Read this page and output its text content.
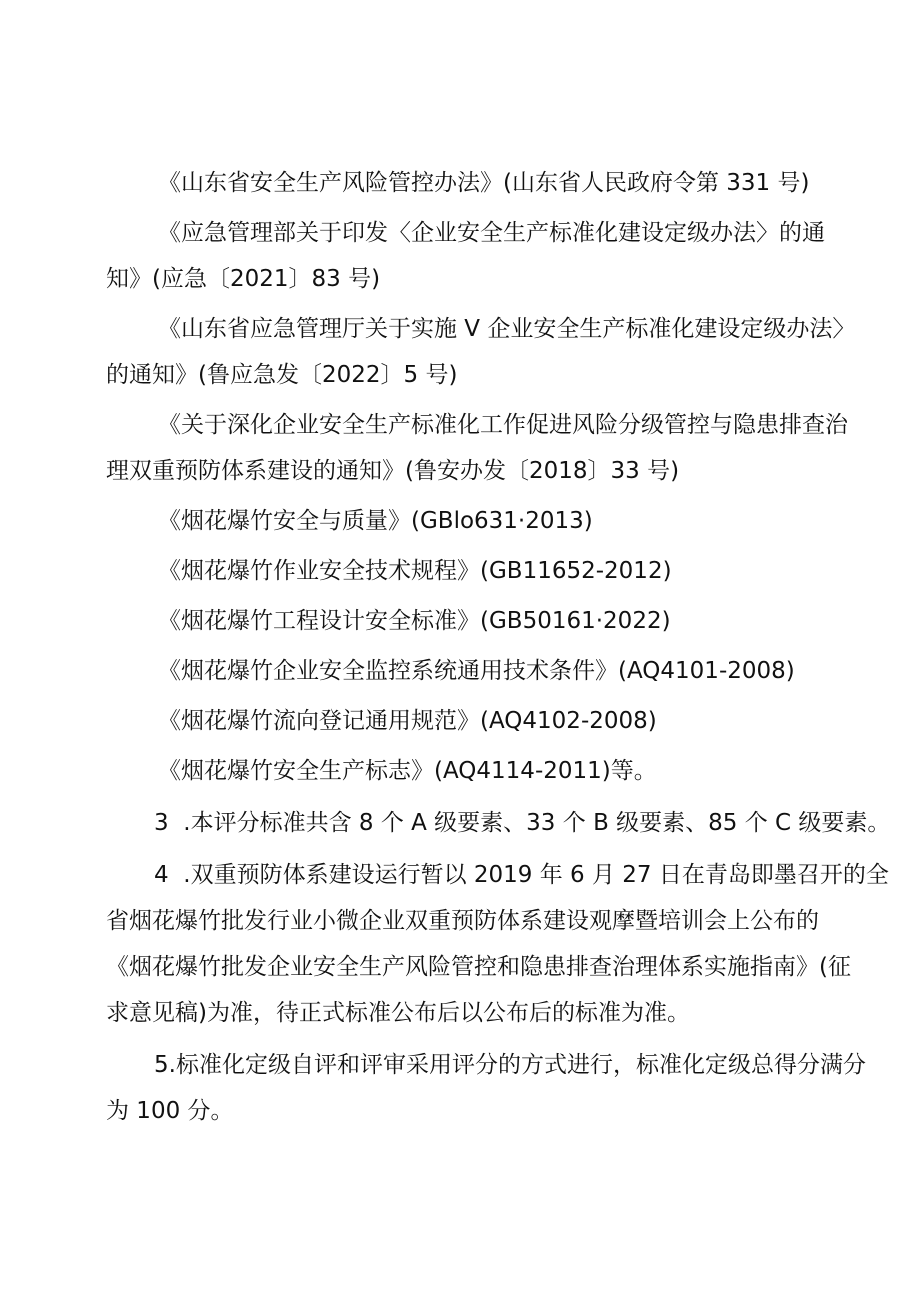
《山东省安全生产风险管控办法》(山东省人民政府令第 331 号)

《应急管理部关于印发〈企业安全生产标准化建设定级办法〉的通

知》(应急〔2021〕83 号)

《山东省应急管理厅关于实施 V 企业安全生产标准化建设定级办法〉

的通知》(鲁应急发〔2022〕5 号)

《关于深化企业安全生产标准化工作促进风险分级管控与隐患排查治

理双重预防体系建设的通知》(鲁安办发〔2018〕33 号)

《烟花爆竹安全与质量》(GBlo631·2013)

《烟花爆竹作业安全技术规程》(GB11652-2012)

《烟花爆竹工程设计安全标准》(GB50161·2022)

《烟花爆竹企业安全监控系统通用技术条件》(AQ4101-2008)

《烟花爆竹流向登记通用规范》(AQ4102-2008)

《烟花爆竹安全生产标志》(AQ4114-2011)等。

3  .本评分标准共含 8 个 A 级要素、33 个 B 级要素、85 个 C 级要素。

4  .双重预防体系建设运行暂以 2019 年 6 月 27 日在青岛即墨召开的全

省烟花爆竹批发行业小微企业双重预防体系建设观摩暨培训会上公布的

《烟花爆竹批发企业安全生产风险管控和隐患排查治理体系实施指南》(征

求意见稿)为准，待正式标准公布后以公布后的标准为准。

5.标准化定级自评和评审采用评分的方式进行，标准化定级总得分满分

为 100 分。
